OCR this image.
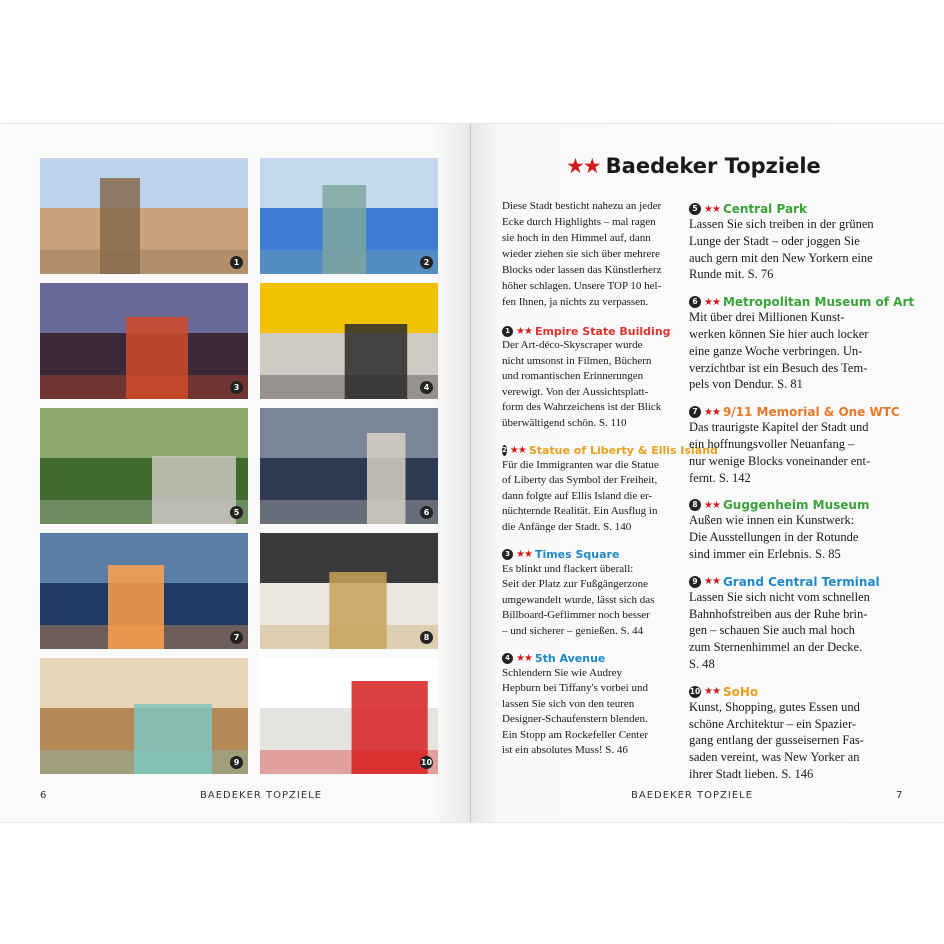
1	2
3	4
5	6
7	8
9	10
6	BAEDEKER TOPZIELE
★★ Baedeker Topziele
Diese Stadt besticht nahezu an jeder
Ecke durch Highlights – mal ragen
sie hoch in den Himmel auf, dann
wieder ziehen sie sich über mehrere
Blocks oder lassen das Künstlerherz
höher schlagen. Unsere TOP 10 hel-
fen Ihnen, ja nichts zu verpassen.
1 ★★ Empire State Building
Der Art-déco-Skyscraper wurde
nicht umsonst in Filmen, Büchern
und romantischen Erinnerungen
verewigt. Von der Aussichtsplatt-
form des Wahrzeichens ist der Blick
überwältigend schön. S. 110
2 ★★ Statue of Liberty & Ellis Island
Für die Immigranten war die Statue
of Liberty das Symbol der Freiheit,
dann folgte auf Ellis Island die er-
nüchternde Realität. Ein Ausflug in
die Anfänge der Stadt. S. 140
3 ★★ Times Square
Es blinkt und flackert überall:
Seit der Platz zur Fußgängerzone
umgewandelt wurde, lässt sich das
Billboard-Geflimmer noch besser
– und sicherer – genießen. S. 44
4 ★★ 5th Avenue
Schlendern Sie wie Audrey
Hepburn bei Tiffany's vorbei und
lassen Sie sich von den teuren
Designer-Schaufenstern blenden.
Ein Stopp am Rockefeller Center
ist ein absolutes Muss! S. 46
5 ★★ Central Park
Lassen Sie sich treiben in der grünen
Lunge der Stadt – oder joggen Sie
auch gern mit den New Yorkern eine
Runde mit. S. 76
6 ★★ Metropolitan Museum of Art
Mit über drei Millionen Kunst-
werken können Sie hier auch locker
eine ganze Woche verbringen. Un-
verzichtbar ist ein Besuch des Tem-
pels von Dendur. S. 81
7 ★★ 9/11 Memorial & One WTC
Das traurigste Kapitel der Stadt und
ein hoffnungsvoller Neuanfang –
nur wenige Blocks voneinander ent-
fernt. S. 142
8 ★★ Guggenheim Museum
Außen wie innen ein Kunstwerk:
Die Ausstellungen in der Rotunde
sind immer ein Erlebnis. S. 85
9 ★★ Grand Central Terminal
Lassen Sie sich nicht vom schnellen
Bahnhofstreiben aus der Ruhe brin-
gen – schauen Sie auch mal hoch
zum Sternenhimmel an der Decke.
S. 48
10 ★★ SoHo
Kunst, Shopping, gutes Essen und
schöne Architektur – ein Spazier-
gang entlang der gusseisernen Fas-
saden vereint, was New Yorker an
ihrer Stadt lieben. S. 146
BAEDEKER TOPZIELE	7
